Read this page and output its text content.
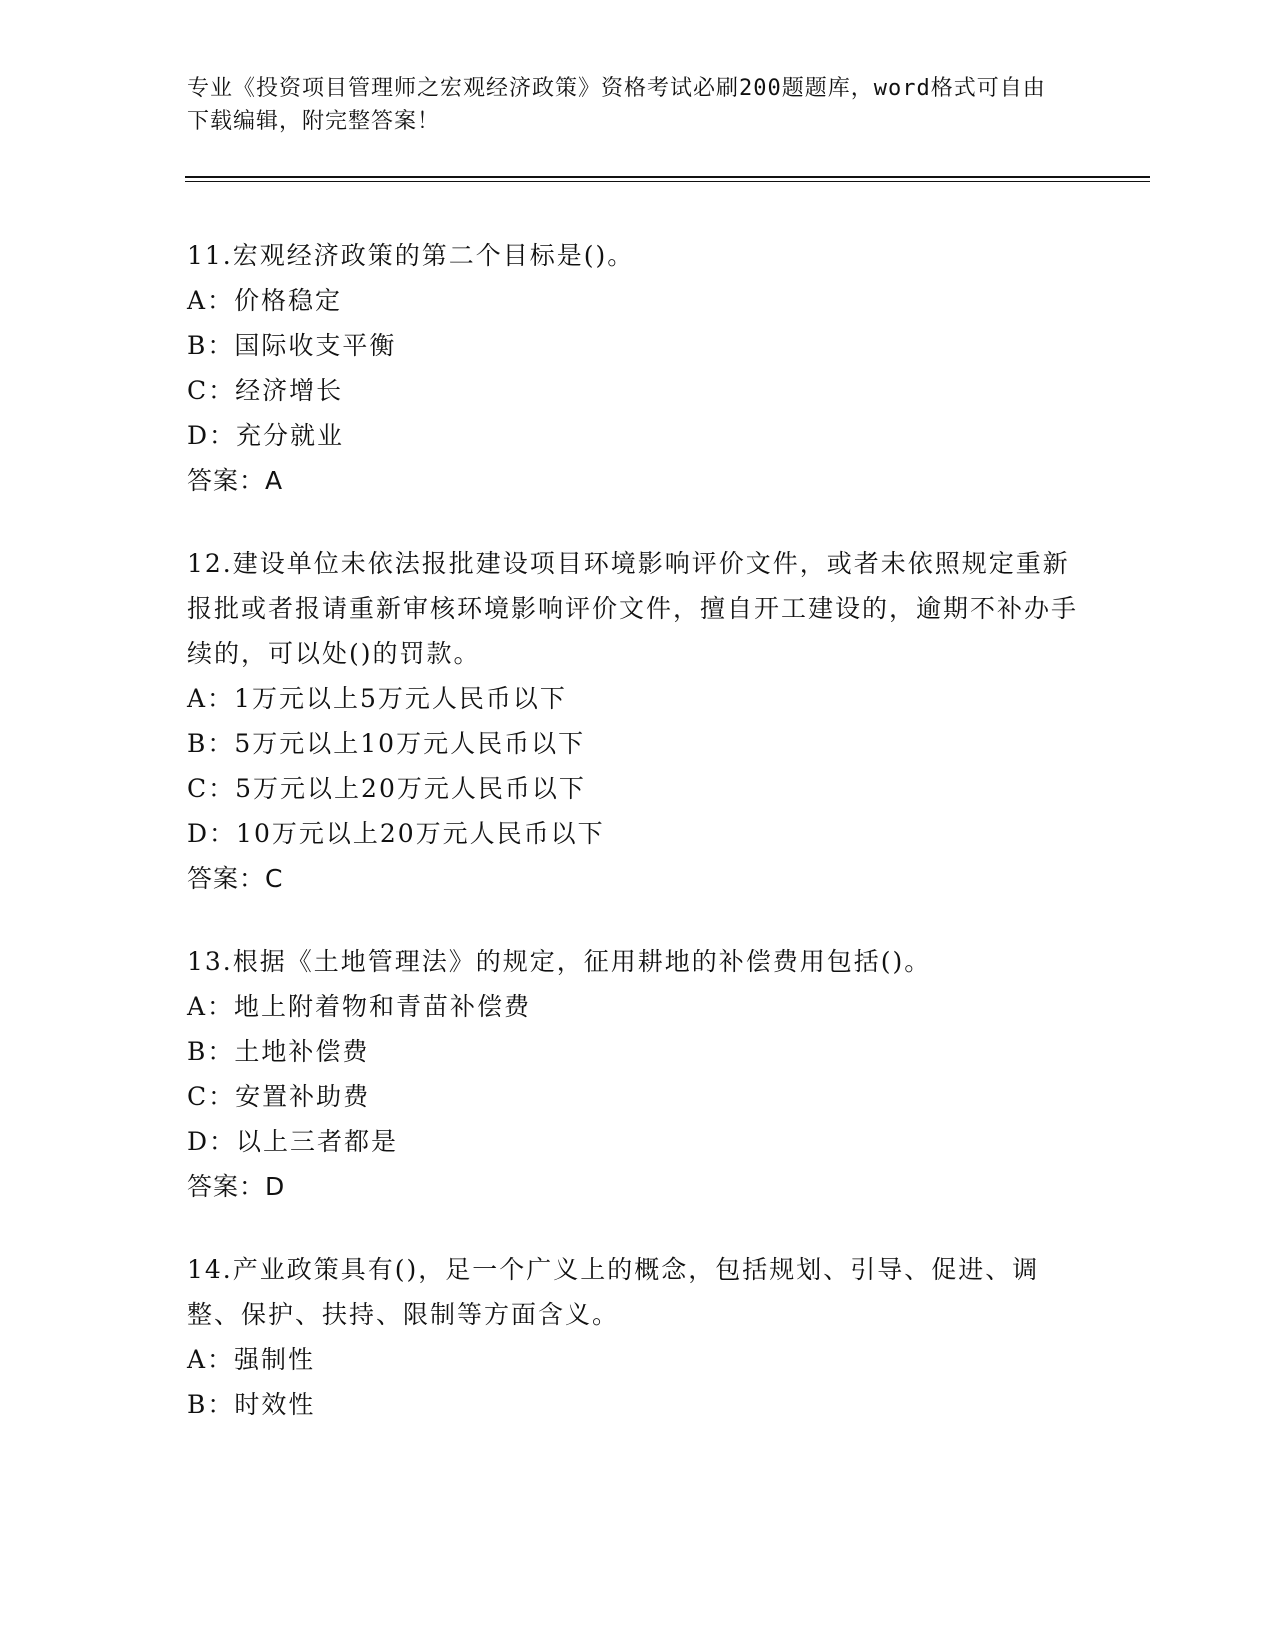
专业《投资项目管理师之宏观经济政策》资格考试必刷200题题库，word格式可自由下载编辑，附完整答案！
11.宏观经济政策的第二个目标是()。
A：价格稳定
B：国际收支平衡
C：经济增长
D：充分就业
答案：A
12.建设单位未依法报批建设项目环境影响评价文件，或者未依照规定重新报批或者报请重新审核环境影响评价文件，擅自开工建设的，逾期不补办手续的，可以处()的罚款。
A：1万元以上5万元人民币以下
B：5万元以上10万元人民币以下
C：5万元以上20万元人民币以下
D：10万元以上20万元人民币以下
答案：C
13.根据《土地管理法》的规定，征用耕地的补偿费用包括()。
A：地上附着物和青苗补偿费
B：土地补偿费
C：安置补助费
D：以上三者都是
答案：D
14.产业政策具有()，足一个广义上的概念，包括规划、引导、促进、调整、保护、扶持、限制等方面含义。
A：强制性
B：时效性
